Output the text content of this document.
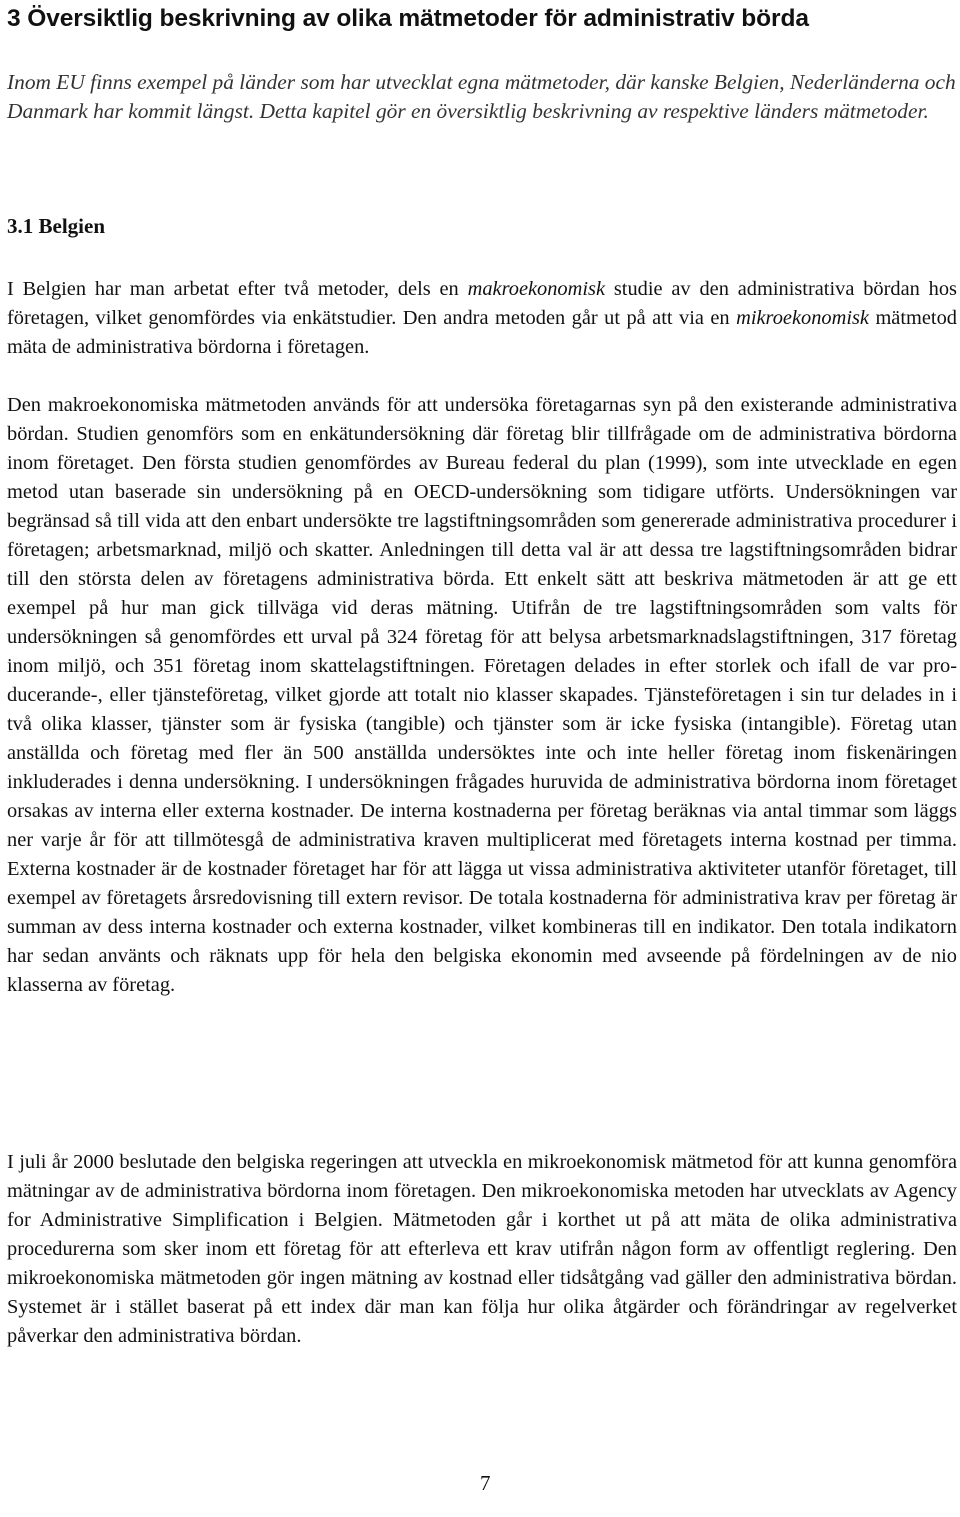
3 Översiktlig beskrivning av olika mätmetoder för administrativ börda

Inom EU finns exempel på länder som har utvecklat egna mätmetoder, där kanske Belgien, Nederländerna och Danmark har kommit längst. Detta kapitel gör en översiktlig beskrivning av respektive länders mätmetoder.

3.1 Belgien

I Belgien har man arbetat efter två metoder, dels en makroekonomisk studie av den administrativa bördan hos företagen, vilket genomfördes via enkätstudier. Den andra metoden går ut på att via en mikroekonomisk mätmetod mäta de administrativa bördorna i företagen.

Den makroekonomiska mätmetoden används för att undersöka företagarnas syn på den existerande administrativa bördan. Studien genomförs som en enkätundersökning där företag blir tillfrågade om de administrativa bördorna inom företaget. Den första studien genomfördes av Bureau federal du plan (1999), som inte utvecklade en egen metod utan baserade sin undersökning på en OECD-undersökning som tidigare utförts. Undersökningen var begränsad så till vida att den enbart undersökte tre lagstiftningsområden som genererade administrativa procedurer i företagen; arbetsmarknad, miljö och skatter. Anledningen till detta val är att dessa tre lagstiftningsområden bidrar till den största delen av företagens administrativa börda. Ett enkelt sätt att beskriva mätmetoden är att ge ett exempel på hur man gick tillväga vid deras mätning. Utifrån de tre lagstiftningsområden som valts för undersökningen så genomfördes ett urval på 324 företag för att belysa arbetsmarknadslagstiftningen, 317 företag inom miljö, och 351 företag inom skattelagstiftningen. Företagen delades in efter storlek och ifall de var producerande-, eller tjänsteföretag, vilket gjorde att totalt nio klasser skapades. Tjänsteföretagen i sin tur delades in i två olika klasser, tjänster som är fysiska (tangible) och tjänster som är icke fysiska (intangible). Företag utan anställda och företag med fler än 500 anställda undersöktes inte och inte heller företag inom fiskenäringen inkluderades i denna undersökning. I undersökningen frågades huruvida de administrativa bördorna inom företaget orsakas av interna eller externa kostnader. De interna kostnaderna per företag beräknas via antal timmar som läggs ner varje år för att tillmötesgå de administrativa kraven multiplicerat med företagets interna kostnad per timma. Externa kostnader är de kostnader företaget har för att lägga ut vissa administrativa aktiviteter utanför företaget, till exempel av företagets årsredovisning till extern revisor. De totala kostnaderna för administrativa krav per företag är summan av dess interna kostnader och externa kostnader, vilket kombineras till en indikator. Den totala indikatorn har sedan använts och räknats upp för hela den belgiska ekonomin med avseende på fördelningen av de nio klasserna av företag.

I juli år 2000 beslutade den belgiska regeringen att utveckla en mikroekonomisk mätmetod för att kunna genomföra mätningar av de administrativa bördorna inom företagen. Den mikroekonomiska metoden har utvecklats av Agency for Administrative Simplification i Belgien. Mätmetoden går i korthet ut på att mäta de olika administrativa procedurerna som sker inom ett företag för att efterleva ett krav utifrån någon form av offentligt reglering. Den mikroekonomiska mätmetoden gör ingen mätning av kostnad eller tidsåtgång vad gäller den administrativa bördan. Systemet är i stället baserat på ett index där man kan följa hur olika åtgärder och förändringar av regelverket påverkar den administrativa bördan.

7
